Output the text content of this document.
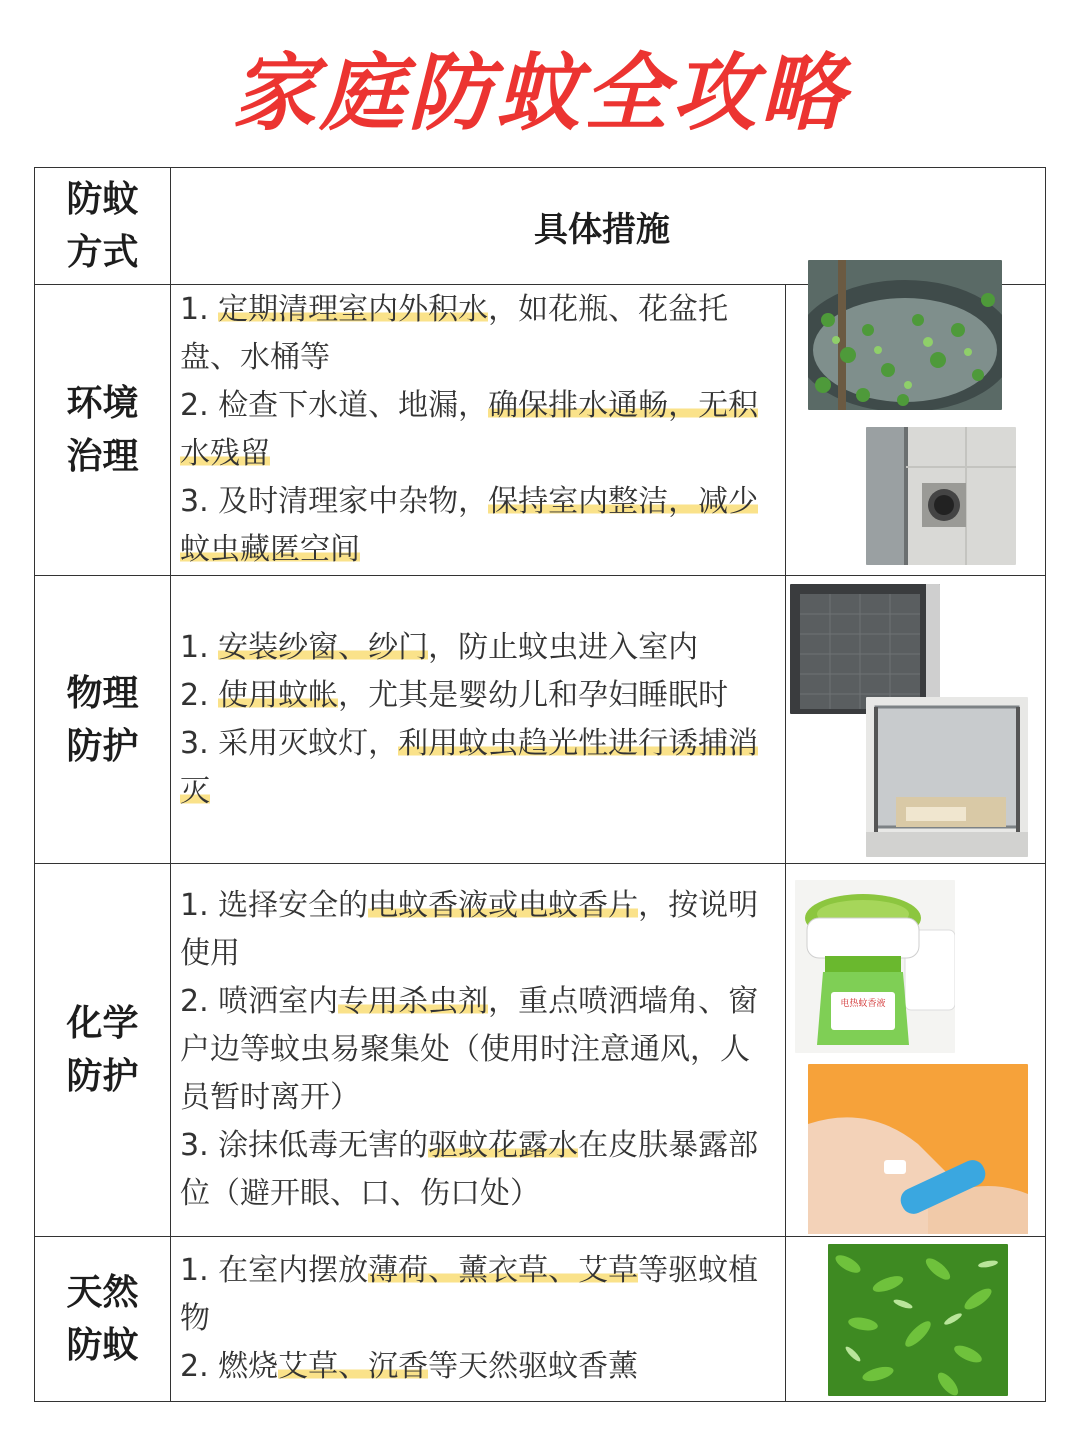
家庭防蚊全攻略
防蚊方式	具体措施	

环境治理	1. 定期清理室内外积水，如花瓶、花盆托盘、水桶等
2. 检查下水道、地漏，确保排水通畅，无积水残留
3. 及时清理家中杂物，保持室内整洁，减少蚊虫藏匿空间	

物理防护	1. 安装纱窗、纱门，防止蚊虫进入室内
2. 使用蚊帐，尤其是婴幼儿和孕妇睡眠时
3. 采用灭蚊灯，利用蚊虫趋光性进行诱捕消灭	

化学防护	1. 选择安全的电蚊香液或电蚊香片，按说明使用
2. 喷洒室内专用杀虫剂，重点喷洒墙角、窗户边等蚊虫易聚集处（使用时注意通风，人员暂时离开）
3. 涂抹低毒无害的驱蚊花露水在皮肤暴露部位（避开眼、口、伤口处）	

天然防蚊	1. 在室内摆放薄荷、薰衣草、艾草等驱蚊植物
2. 燃烧艾草、沉香等天然驱蚊香薰	

电热蚊香液
